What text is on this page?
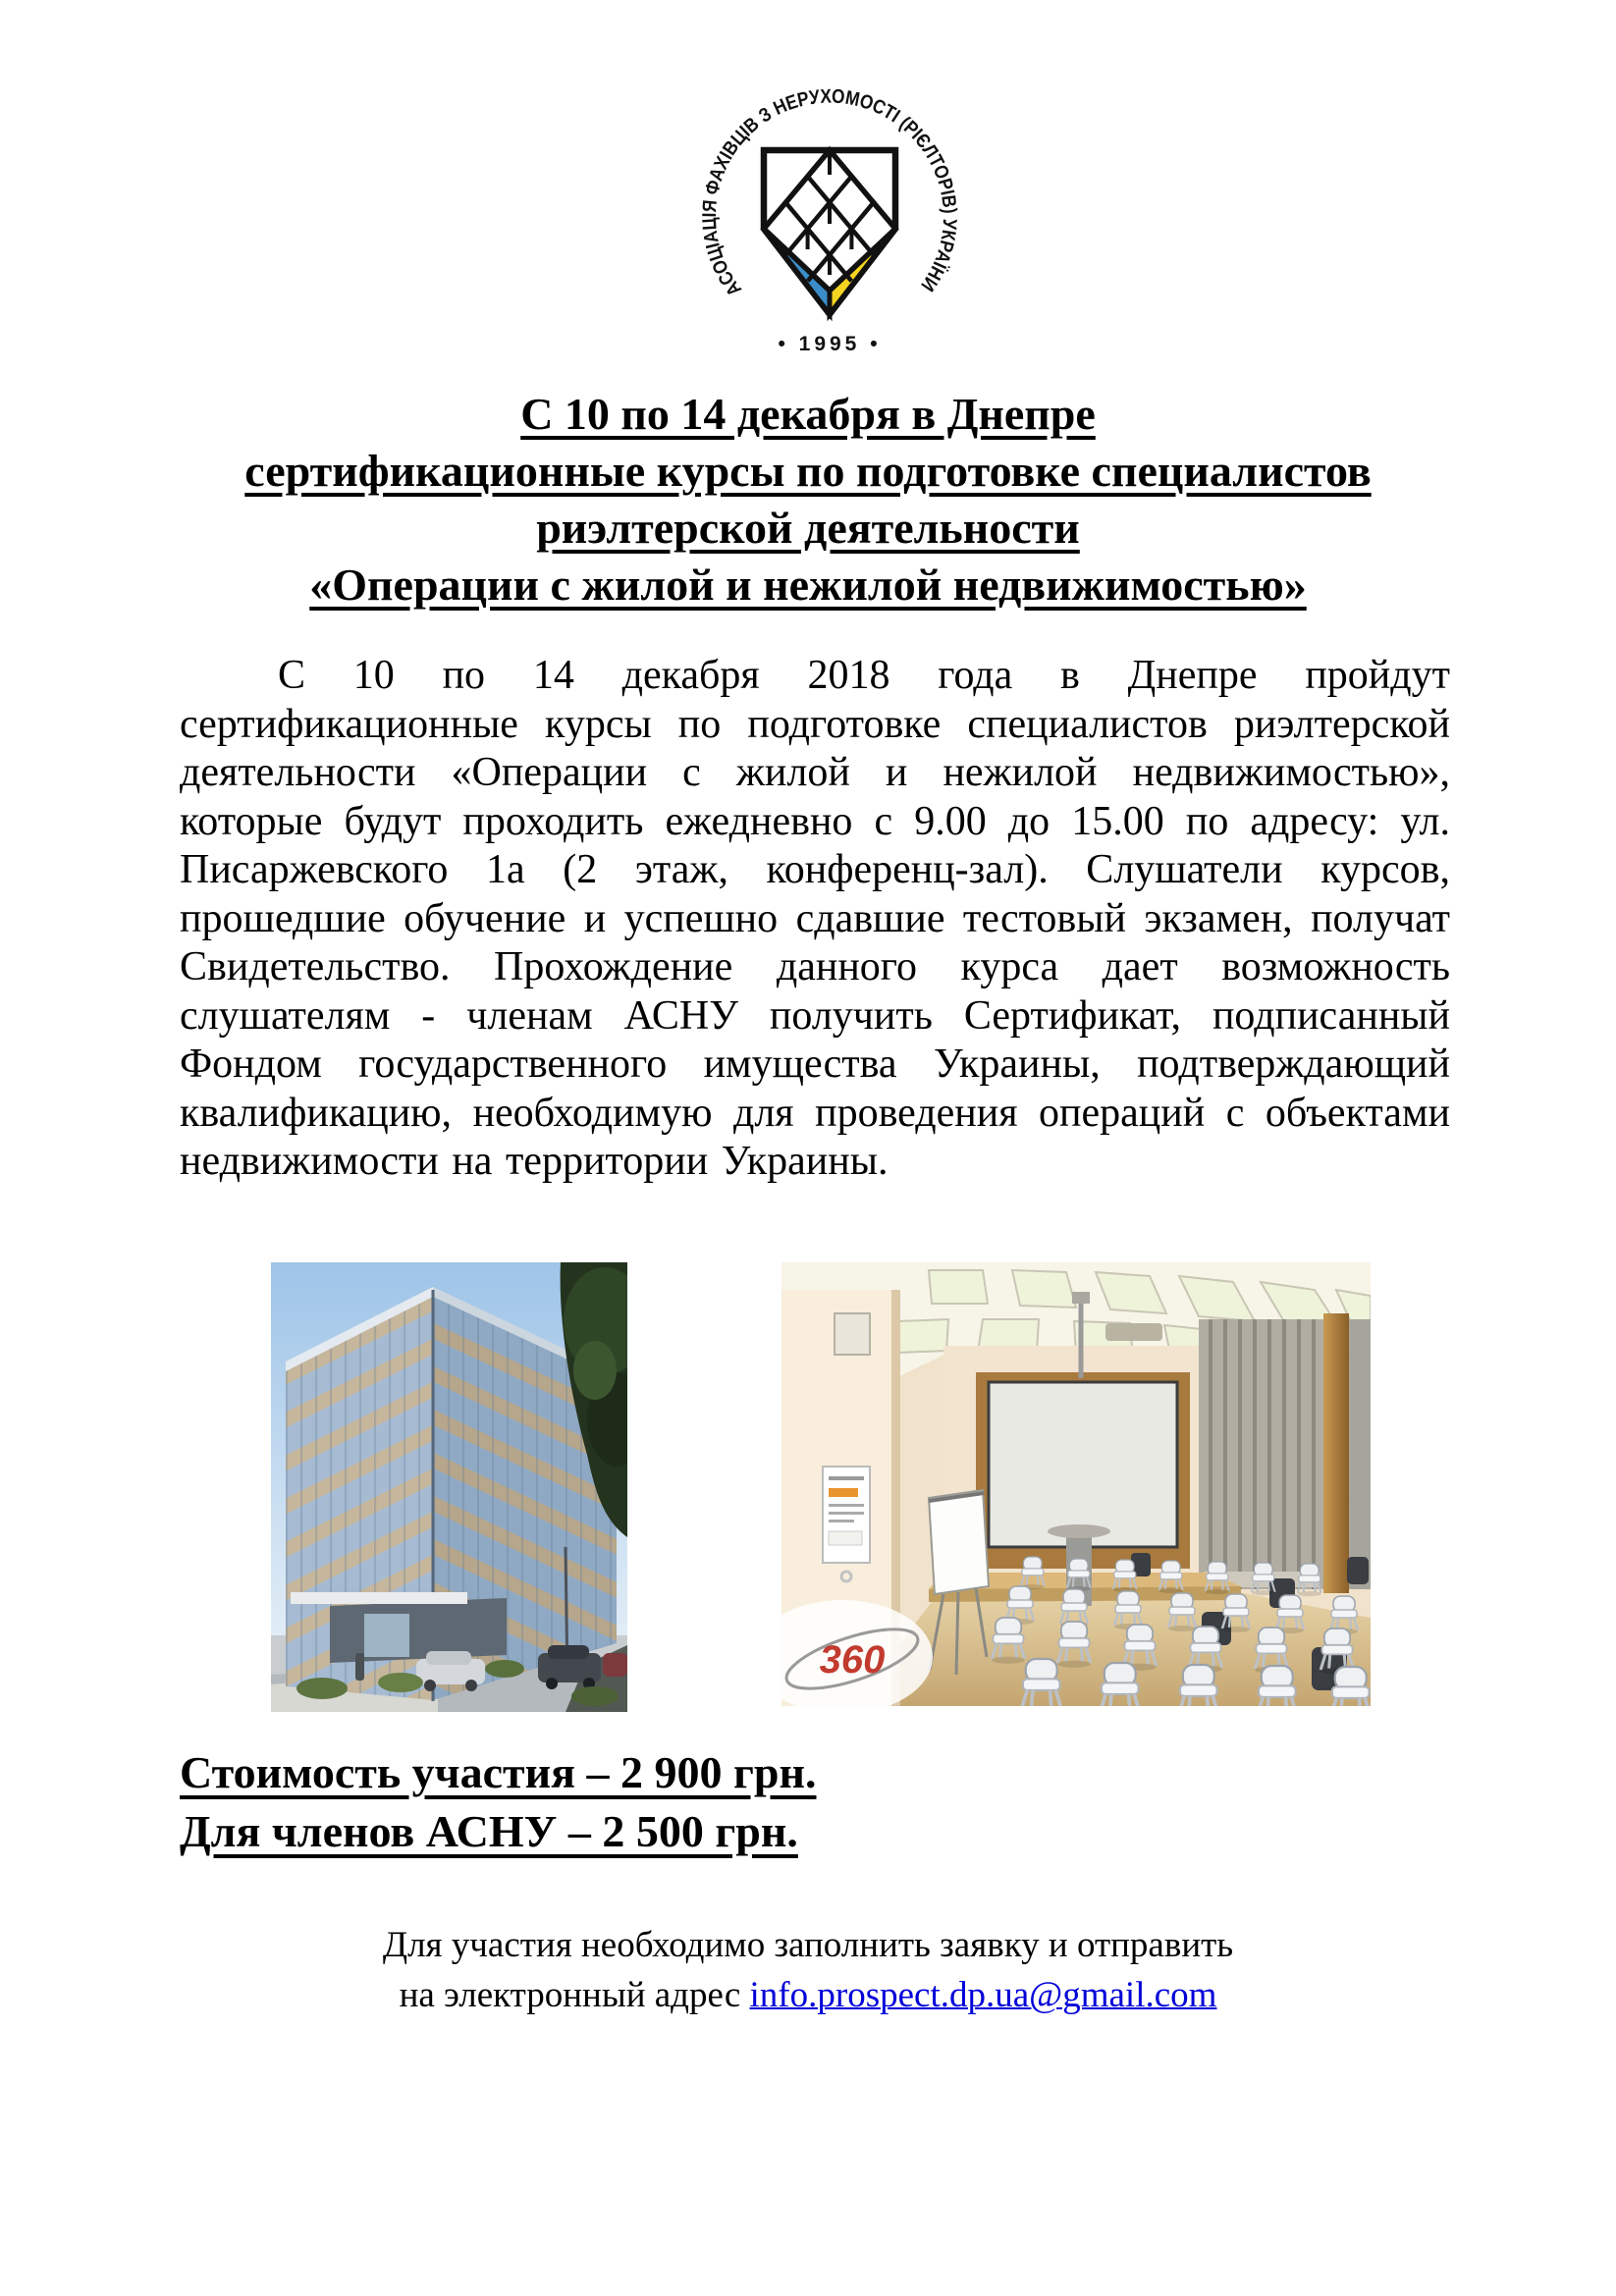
АСОЦІАЦІЯ ФАХІВЦІВ З НЕРУХОМОСТІ (РІЄЛТОРІВ) УКРАЇНИ
• 1995 •
С 10 по 14 декабря в Днепре
сертификационные курсы по подготовке специалистов
риэлтерской деятельности
«Операции с жилой и нежилой недвижимостью»

С 10 по 14 декабря 2018 года в Днепре пройдут сертификационные курсы по подготовке специалистов риэлтерской деятельности «Операции с жилой и нежилой недвижимостью», которые будут проходить ежедневно с 9.00 до 15.00 по адресу: ул. Писаржевского 1а (2 этаж, конференц-зал). Слушатели курсов, прошедшие обучение и успешно сдавшие тестовый экзамен, получат Свидетельство. Прохождение данного курса дает возможность слушателям - членам АСНУ получить Сертификат, подписанный Фондом государственного имущества Украины, подтверждающий квалификацию, необходимую для проведения операций с объектами недвижимости на территории Украины.

360
Стоимость участия – 2 900 грн.
Для членов АСНУ – 2 500 грн.
Для участия необходимо заполнить заявку и отправить
на электронный адрес info.prospect.dp.ua@gmail.com
